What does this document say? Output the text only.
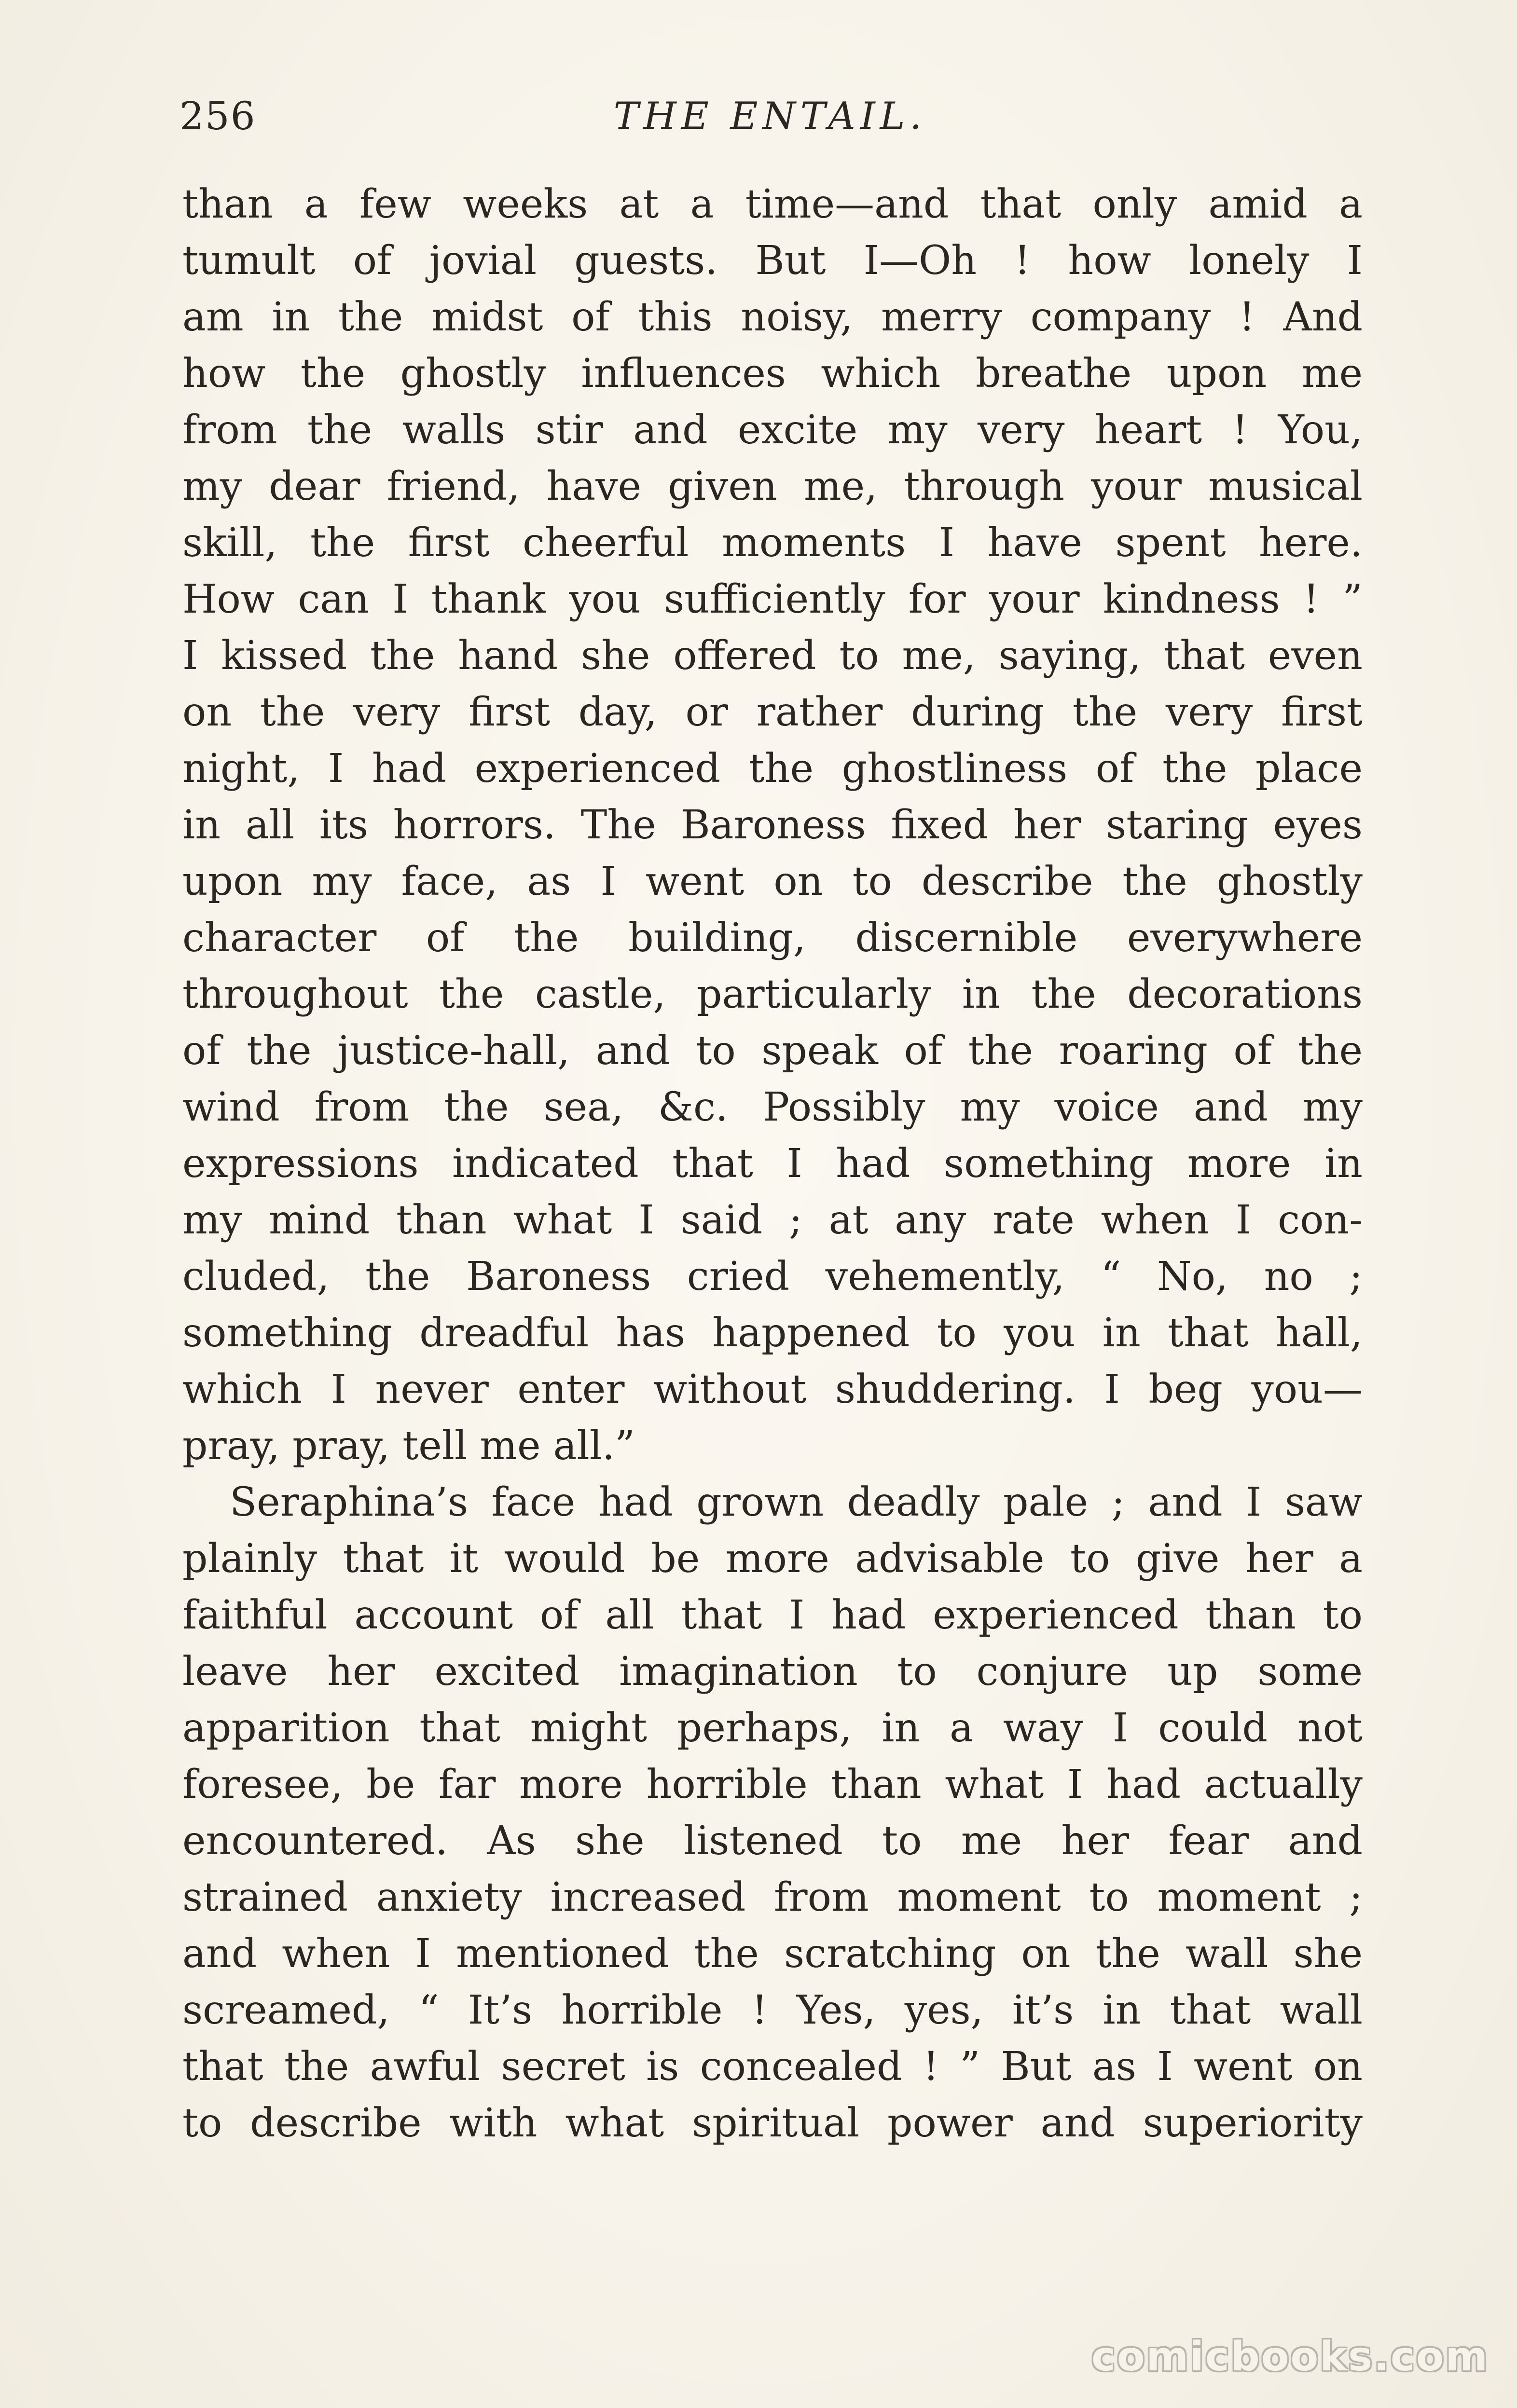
256	THE ENTAIL.
than a few weeks at a time—and that only amid a
tumult of jovial guests. But I—Oh ! how lonely I
am in the midst of this noisy, merry company ! And
how the ghostly influences which breathe upon me
from the walls stir and excite my very heart ! You,
my dear friend, have given me, through your musical
skill, the first cheerful moments I have spent here.
How can I thank you sufficiently for your kindness ! ”
I kissed the hand she offered to me, saying, that even
on the very first day, or rather during the very first
night, I had experienced the ghostliness of the place
in all its horrors. The Baroness fixed her staring eyes
upon my face, as I went on to describe the ghostly
character of the building, discernible everywhere
throughout the castle, particularly in the decorations
of the justice-hall, and to speak of the roaring of the
wind from the sea, &c. Possibly my voice and my
expressions indicated that I had something more in
my mind than what I said ; at any rate when I con-
cluded, the Baroness cried vehemently, “ No, no ;
something dreadful has happened to you in that hall,
which I never enter without shuddering. I beg you—
pray, pray, tell me all.”
Seraphina’s face had grown deadly pale ; and I saw
plainly that it would be more advisable to give her a
faithful account of all that I had experienced than to
leave her excited imagination to conjure up some
apparition that might perhaps, in a way I could not
foresee, be far more horrible than what I had actually
encountered. As she listened to me her fear and
strained anxiety increased from moment to moment ;
and when I mentioned the scratching on the wall she
screamed, “ It’s horrible ! Yes, yes, it’s in that wall
that the awful secret is concealed ! ” But as I went on
to describe with what spiritual power and superiority
comicbooks.com
